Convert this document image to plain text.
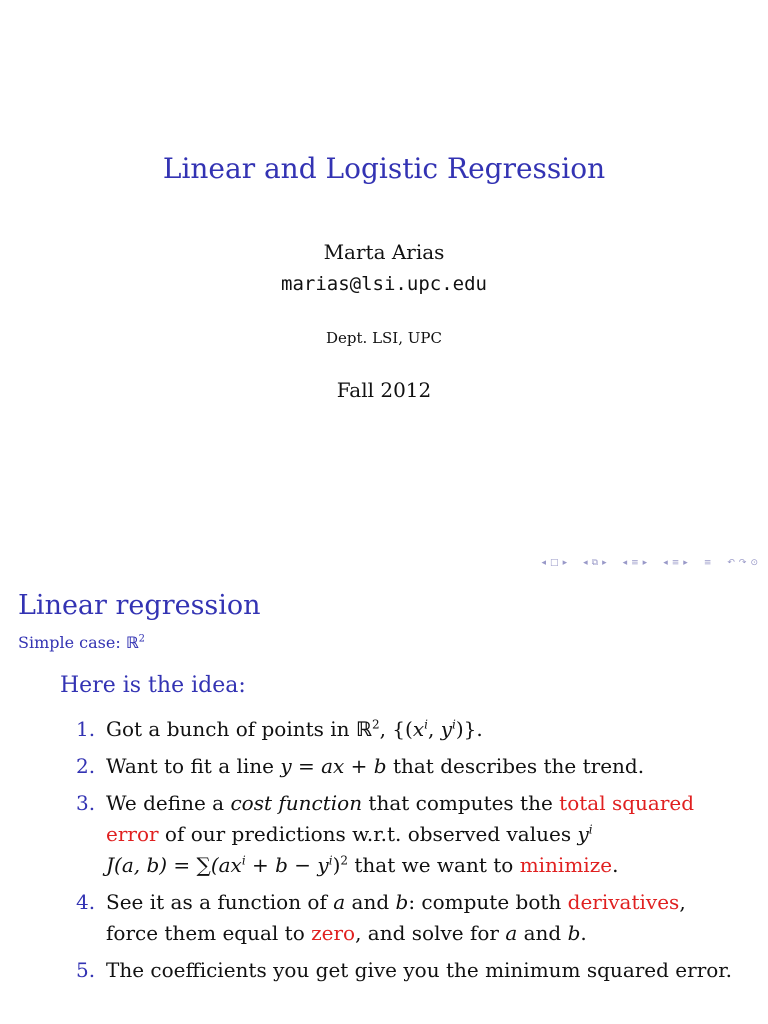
Linear and Logistic Regression
Marta Arias
marias@lsi.upc.edu
Dept. LSI, UPC
Fall 2012
◂ □ ▸ ◂ ⧉ ▸ ◂ ≡ ▸ ◂ ≡ ▸ ≡ ↶ ↷ ⊙
Linear regression
Simple case: ℝ$^2$
Here is the idea:
1. Got a bunch of points in ℝ$^2$, {($x^i$, $y^i$)}.
2. Want to fit a line y = ax + b that describes the trend.
3. We define a cost function that computes the total squared error of our predictions w.r.t. observed values $y^i$
J(a, $b) = \sum(ax^i + b - y^i)^2$ that we want to minimize.
4. See it as a function of a and b: compute both derivatives, force them equal to zero, and solve for a and b.
5. The coefficients you get give you the minimum squared error.
